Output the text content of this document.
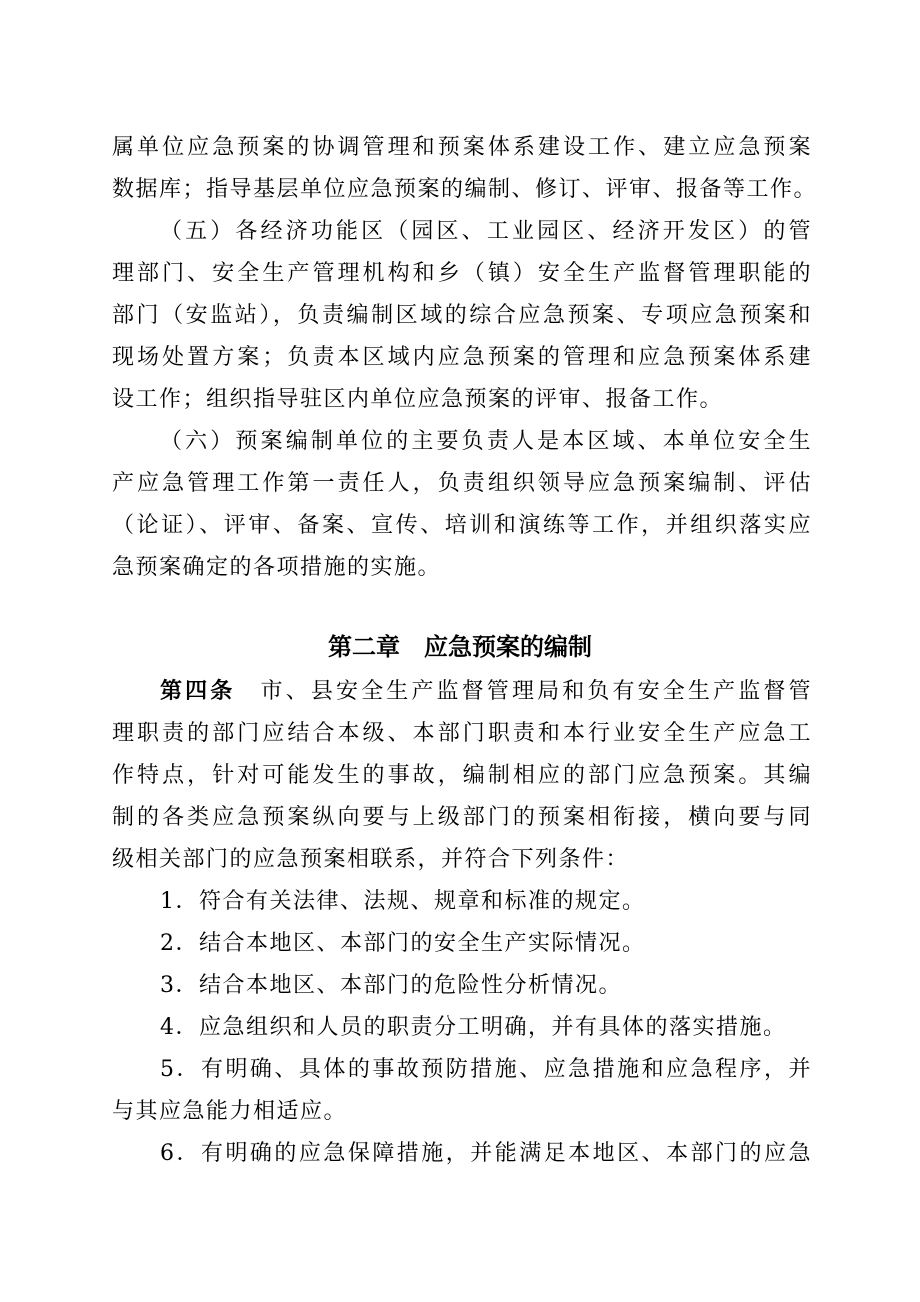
属单位应急预案的协调管理和预案体系建设工作、建立应急预案
数据库；指导基层单位应急预案的编制、修订、评审、报备等工作。
（五）各经济功能区（园区、工业园区、经济开发区）的管
理部门、安全生产管理机构和乡（镇）安全生产监督管理职能的
部门（安监站），负责编制区域的综合应急预案、专项应急预案和
现场处置方案；负责本区域内应急预案的管理和应急预案体系建
设工作；组织指导驻区内单位应急预案的评审、报备工作。
（六）预案编制单位的主要负责人是本区域、本单位安全生
产应急管理工作第一责任人，负责组织领导应急预案编制、评估
（论证）、评审、备案、宣传、培训和演练等工作，并组织落实应
急预案确定的各项措施的实施。
第二章　应急预案的编制
第四条　市、县安全生产监督管理局和负有安全生产监督管
理职责的部门应结合本级、本部门职责和本行业安全生产应急工
作特点，针对可能发生的事故，编制相应的部门应急预案。其编
制的各类应急预案纵向要与上级部门的预案相衔接，横向要与同
级相关部门的应急预案相联系，并符合下列条件：
1．符合有关法律、法规、规章和标准的规定。
2．结合本地区、本部门的安全生产实际情况。
3．结合本地区、本部门的危险性分析情况。
4．应急组织和人员的职责分工明确，并有具体的落实措施。
5．有明确、具体的事故预防措施、应急措施和应急程序，并
与其应急能力相适应。
6．有明确的应急保障措施，并能满足本地区、本部门的应急
